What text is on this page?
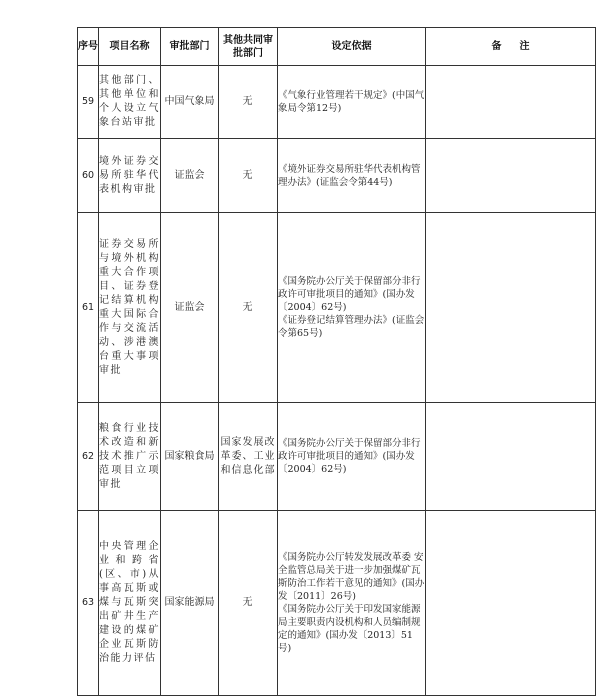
序号	项目名称	审批部门	其他共同审批部门	设定依据	备注
59	其他部门、其他单位和个人设立气象台站审批	中国气象局	无	《气象行业管理若干规定》(中国气象局令第12号)	

60	境外证券交易所驻华代表机构审批	证监会	无	《境外证券交易所驻华代表机构管理办法》(证监会令第44号)	

61	证券交易所与境外机构重大合作项目、证券登记结算机构重大国际合作与交流活动、涉港澳台重大事项审批	证监会	无	《国务院办公厅关于保留部分非行政许可审批项目的通知》(国办发〔2004〕62号)
《证券登记结算管理办法》(证监会令第65号)	

62	粮食行业技术改造和新技术推广示范项目立项审批	国家粮食局	国家发展改革委、工业和信息化部	《国务院办公厅关于保留部分非行政许可审批项目的通知》(国办发〔2004〕62号)	

63	中央管理企业和跨省(区、市)从事高瓦斯或煤与瓦斯突出矿井生产建设的煤矿企业瓦斯防治能力评估	国家能源局	无	《国务院办公厅转发发展改革委 安全监管总局关于进一步加强煤矿瓦斯防治工作若干意见的通知》(国办发〔2011〕26号)
《国务院办公厅关于印发国家能源局主要职责内设机构和人员编制规定的通知》(国办发〔2013〕51号)	
